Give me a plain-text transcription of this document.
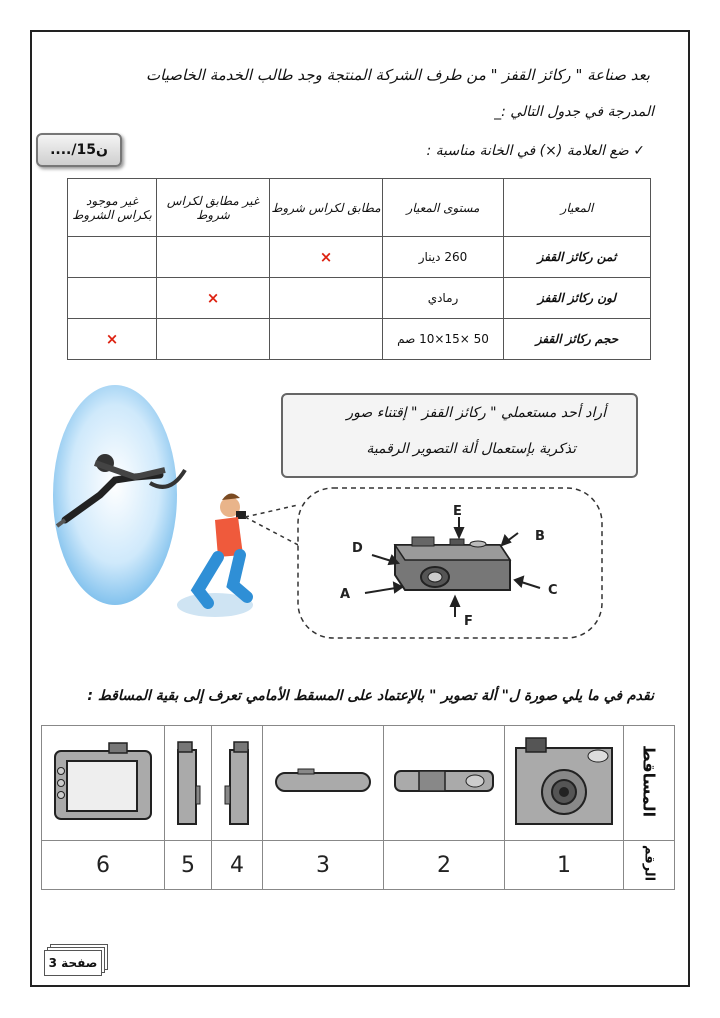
بعد صناعة " ركائز القفز " من طرف الشركة المنتجة وجد طالب الخدمة الخاصيات
المدرجة في جدول التالي :_
..../1ن5	✓ ضع العلامة (×) في الخانة مناسبة :
المعيار	مستوى المعيار	مطابق لكراس شروط	غير مطابق لكراس شروط	غير موجود بكراس الشروط
ثمن ركائز القفز	260 دينار	×		
لون ركائز القفز	رمادي		×	
حجم ركائز القفز	50 ×15×10 صم			×
أراد أحد مستعملي " ركائز القفز " إقتناء صور
تذكرية بإستعمال ألة التصوير الرقمية
A
B
C
D
E
F
نقدم في ما يلي صورة ل" ألة تصوير " بالإعتماد على المسقط الأمامي تعرف إلى بقية المساقط :
						المساقط
6	5	4	3	2	1	الرقم
صفحة 3
